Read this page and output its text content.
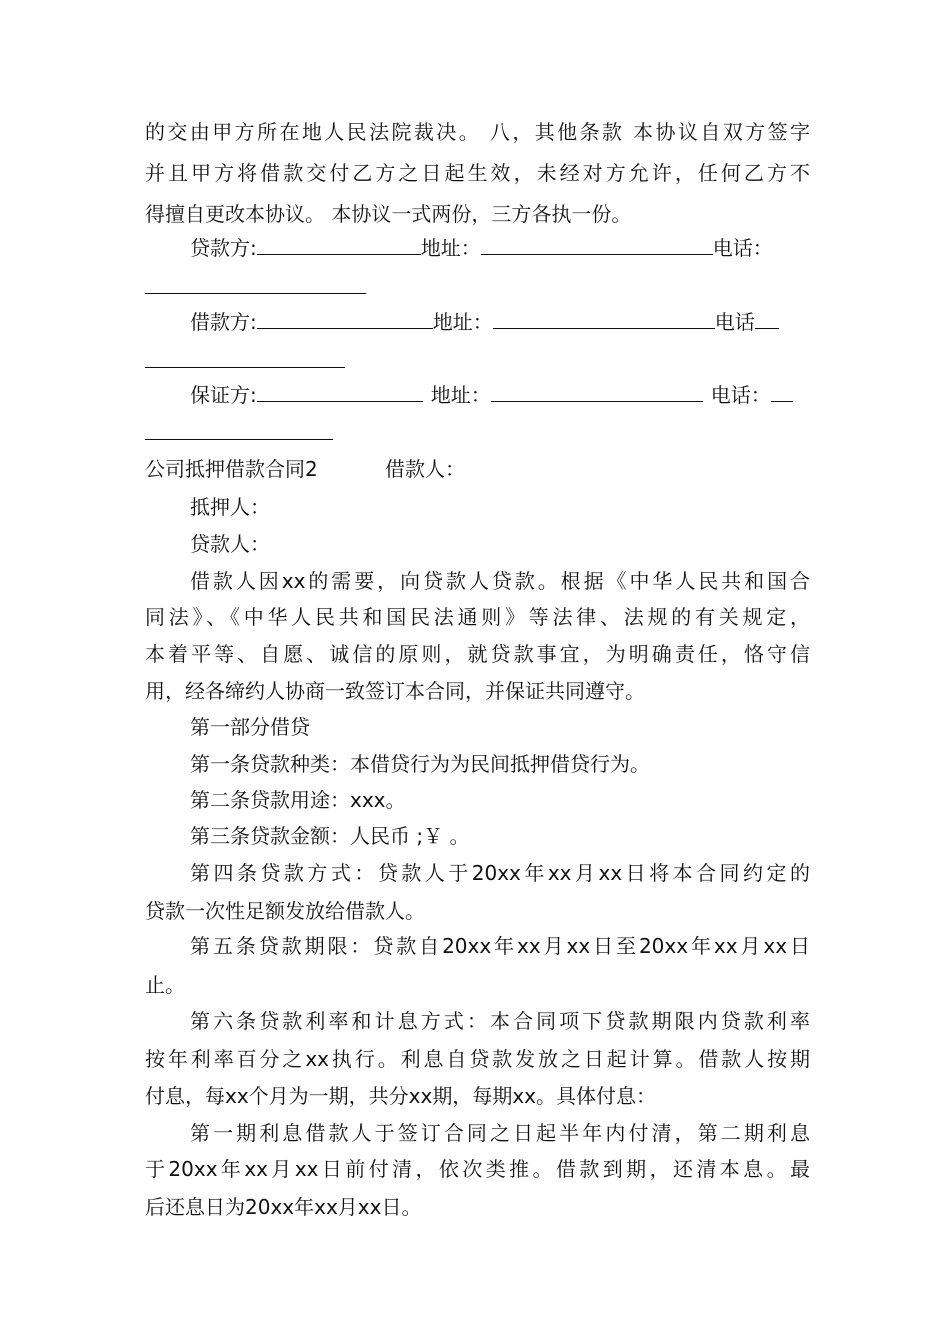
的交由甲方所在地人民法院裁决。 八，其他条款 本协议自双方签字
并且甲方将借款交付乙方之日起生效，未经对方允许，任何乙方不
得擅自更改本协议。 本协议一式两份，三方各执一份。
贷款方:	地址：	电话：
借款方:	地址：	电话
保证方:	地址：	电话：
公司抵押借款合同2	借款人：
抵押人：
贷款人：
借款人因xx的需要，向贷款人贷款。根据《中华人民共和国合
同法》、《中华人民共和国民法通则》等法律、法规的有关规定，
本着平等、自愿、诚信的原则，就贷款事宜，为明确责任，恪守信
用，经各缔约人协商一致签订本合同，并保证共同遵守。
第一部分借贷
第一条贷款种类：本借贷行为为民间抵押借贷行为。
第二条贷款用途：xxx。
第三条贷款金额：人民币 ;￥ 。
第四条贷款方式：贷款人于20xx年xx月xx日将本合同约定的
贷款一次性足额发放给借款人。
第五条贷款期限：贷款自20xx年xx月xx日至20xx年xx月xx日
止。
第六条贷款利率和计息方式：本合同项下贷款期限内贷款利率
按年利率百分之xx执行。利息自贷款发放之日起计算。借款人按期
付息，每xx个月为一期，共分xx期，每期xx。具体付息：
第一期利息借款人于签订合同之日起半年内付清，第二期利息
于20xx年xx月xx日前付清，依次类推。借款到期，还清本息。最
后还息日为20xx年xx月xx日。
